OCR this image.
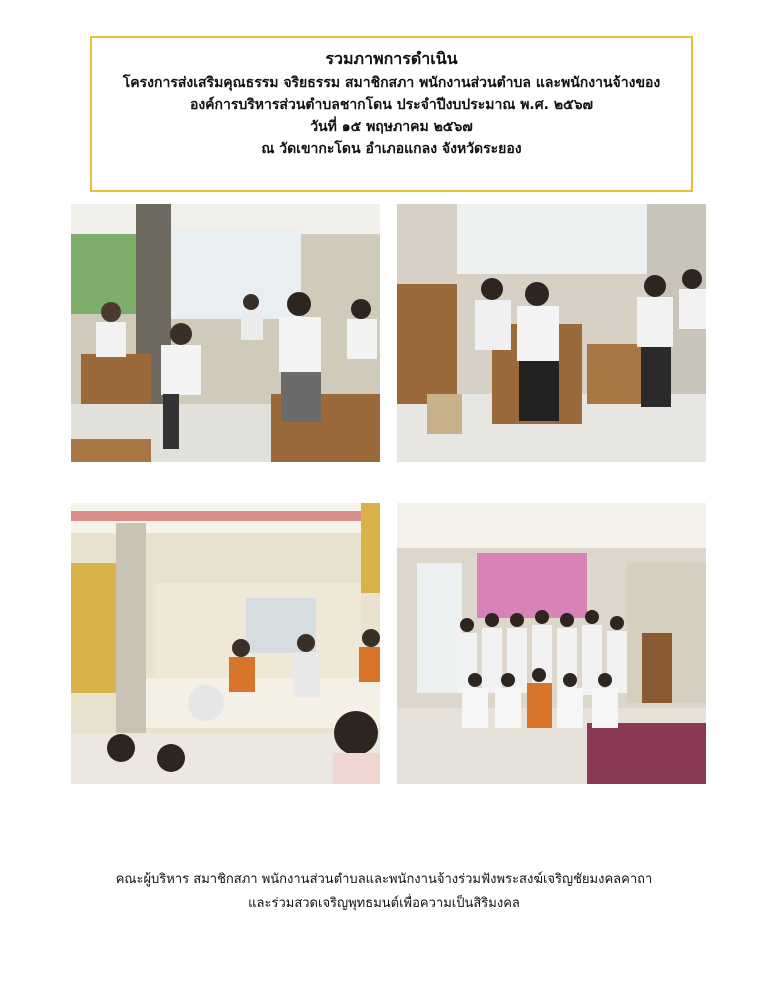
รวมภาพการดำเนิน
โครงการส่งเสริมคุณธรรม จริยธรรม สมาชิกสภา พนักงานส่วนตำบล และพนักงานจ้างของ
องค์การบริหารส่วนตำบลชากโดน ประจำปีงบประมาณ พ.ศ. ๒๕๖๗
วันที่ ๑๕ พฤษภาคม ๒๕๖๗
ณ วัดเขากะโดน อำเภอแกลง จังหวัดระยอง
คณะผู้บริหาร สมาชิกสภา พนักงานส่วนตำบลและพนักงานจ้างร่วมฟังพระสงฆ์เจริญชัยมงคลคาถา
และร่วมสวดเจริญพุทธมนต์เพื่อความเป็นสิริมงคล
